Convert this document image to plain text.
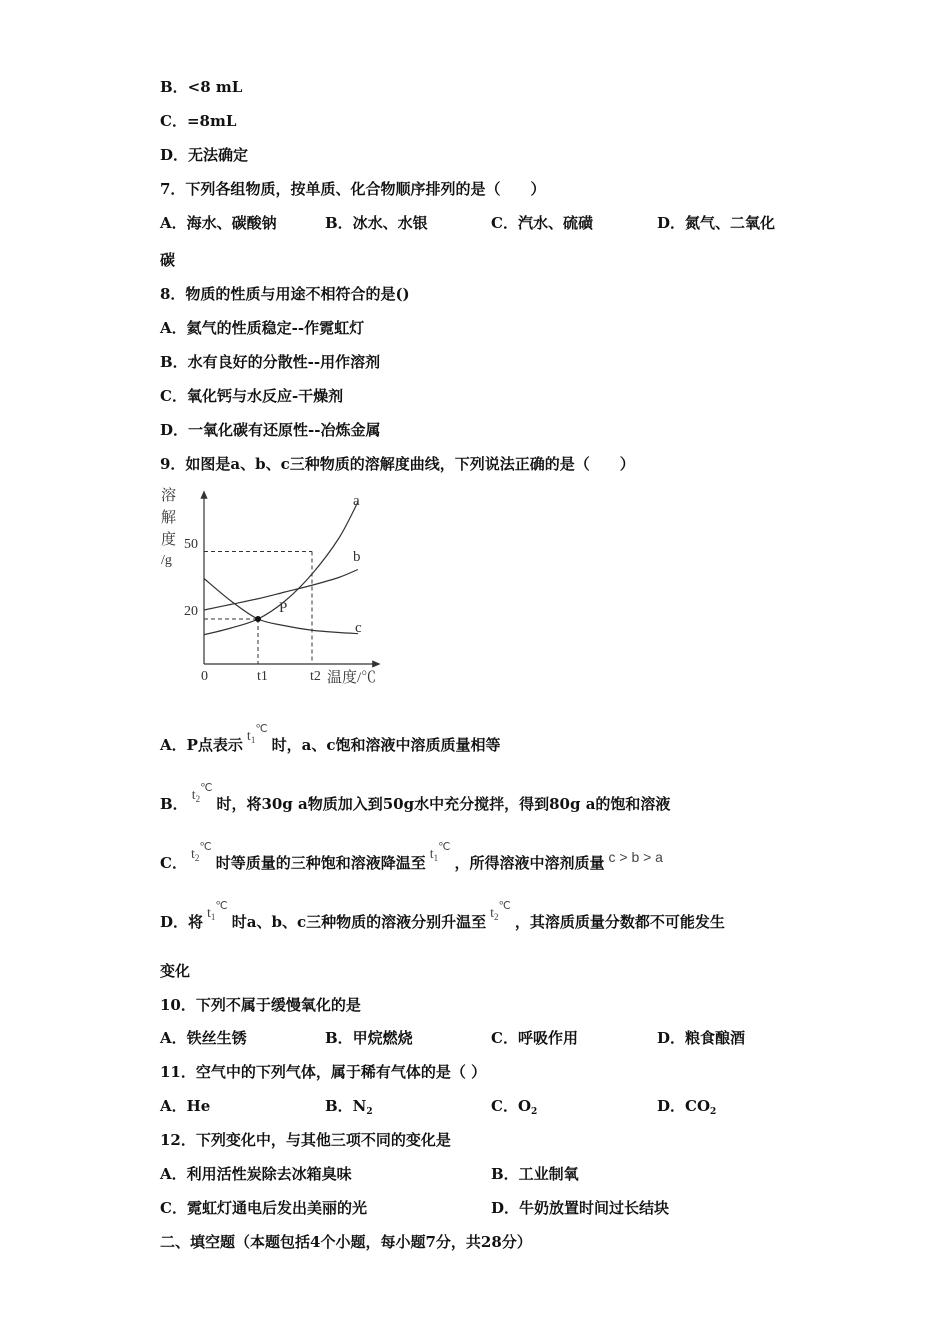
B．<8 mL
C．=8mL
D．无法确定
7．下列各组物质，按单质、化合物顺序排列的是（　　）
A．海水、碳酸钠	B．冰水、水银	C．汽水、硫磺	D．氮气、二氧化
碳
8．物质的性质与用途不相符合的是()
A．氦气的性质稳定--作霓虹灯
B．水有良好的分散性--用作溶剂
C．氧化钙与水反应-干燥剂
D．一氧化碳有还原性--冶炼金属
9．如图是a、b、c三种物质的溶解度曲线，下列说法正确的是（　　）
溶
解
度
/g
0
50
20
t1	t2 温度/℃
P
a
b
c
A．P点表示 $t_1^℃$时，a、c饱和溶液中溶质质量相等
B． $t_2^℃$时，将30g a物质加入到50g水中充分搅拌，得到80g a的饱和溶液
C． $t_2^℃$时等质量的三种饱和溶液降温至 $t_1^℃$，所得溶液中溶剂质量 c > b > a
D．将 $t_1^℃$时a、b、c三种物质的溶液分别升温至 $t_2^℃$，其溶质质量分数都不可能发生
变化
10．下列不属于缓慢氧化的是
A．铁丝生锈	B．甲烷燃烧	C．呼吸作用	D．粮食酿酒
11．空气中的下列气体，属于稀有气体的是（ ）
A．He	B．$N_2$	C．$O_2$	D．$CO_2$
12．下列变化中，与其他三项不同的变化是
A．利用活性炭除去冰箱臭味	B．工业制氧
C．霓虹灯通电后发出美丽的光	D．牛奶放置时间过长结块
二、填空题（本题包括4个小题，每小题7分，共28分）
